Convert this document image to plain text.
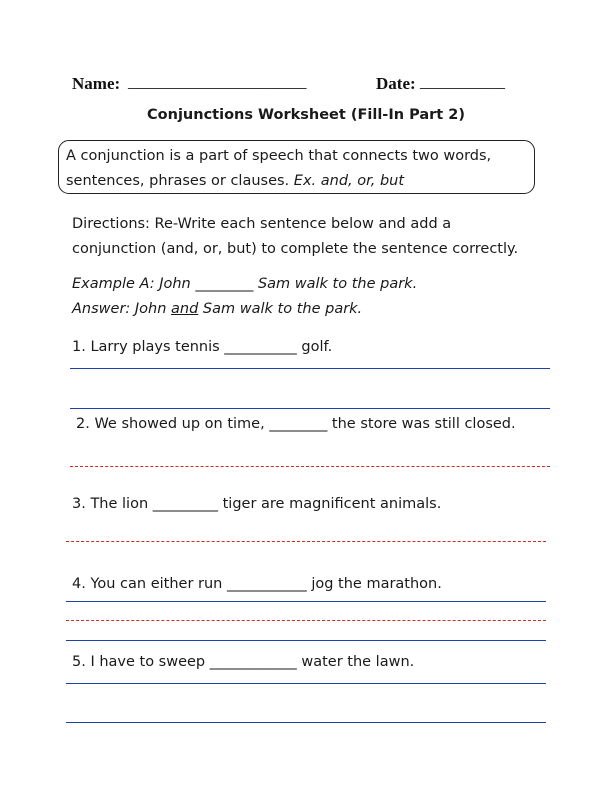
Name: _____________________	Date: __________
Conjunctions Worksheet (Fill-In Part 2)
A conjunction is a part of speech that connects two words,
sentences, phrases or clauses. Ex. and, or, but
Directions: Re-Write each sentence below and add a
conjunction (and, or, but) to complete the sentence correctly.
Example A: John ________ Sam walk to the park.
Answer: John and Sam walk to the park.
1. Larry plays tennis __________ golf.
2. We showed up on time, ________ the store was still closed.
3. The lion _________ tiger are magnificent animals.
4. You can either run ___________ jog the marathon.
5. I have to sweep ____________ water the lawn.
